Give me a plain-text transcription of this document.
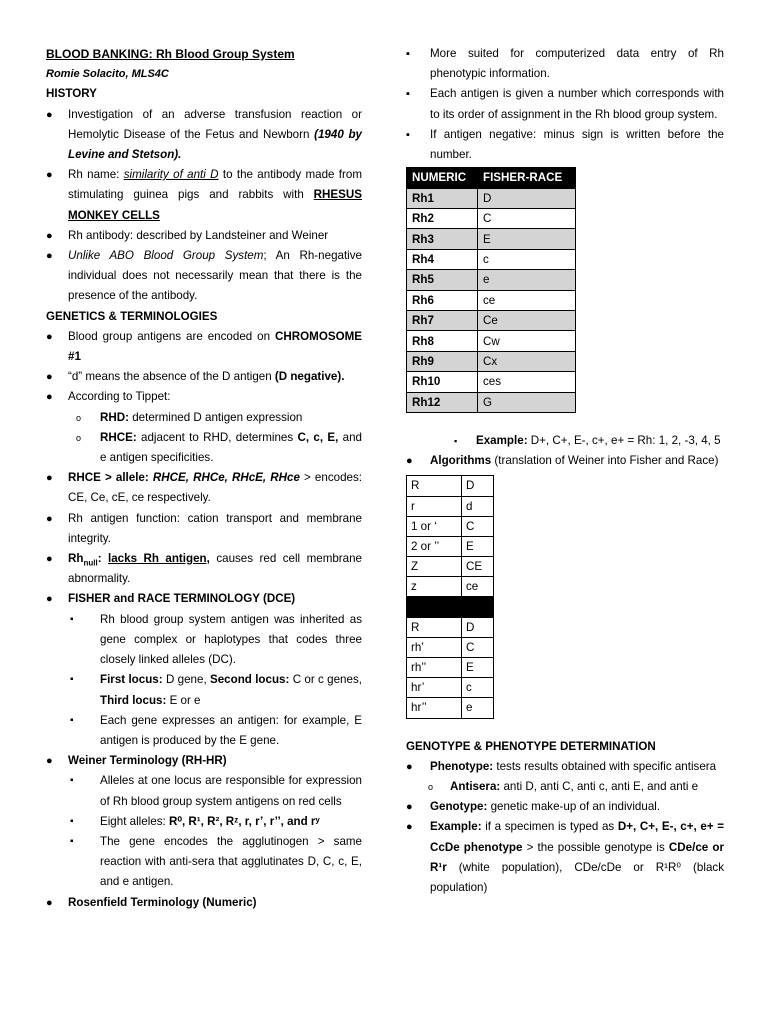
BLOOD BANKING: Rh Blood Group System
Romie Solacito, MLS4C
HISTORY
● Investigation of an adverse transfusion reaction or Hemolytic Disease of the Fetus and Newborn (1940 by Levine and Stetson).
● Rh name: similarity of anti D to the antibody made from stimulating guinea pigs and rabbits with RHESUS MONKEY CELLS
● Rh antibody: described by Landsteiner and Weiner
● Unlike ABO Blood Group System; An Rh-negative individual does not necessarily mean that there is the presence of the antibody.
GENETICS & TERMINOLOGIES
● Blood group antigens are encoded on CHROMOSOME #1
● “d” means the absence of the D antigen (D negative).
● According to Tippet:
o RHD: determined D antigen expression
o RHCE: adjacent to RHD, determines C, c, E, and e antigen specificities.
● RHCE > allele: RHCE, RHCe, RHcE, RHce > encodes: CE, Ce, cE, ce respectively.
● Rh antigen function: cation transport and membrane integrity.
● $Rh_{null}$: lacks Rh antigen, causes red cell membrane abnormality.
● FISHER and RACE TERMINOLOGY (DCE)
▪ Rh blood group system antigen was inherited as gene complex or haplotypes that codes three closely linked alleles (DC).
▪ First locus: D gene, Second locus: C or c genes, Third locus: E or e
▪ Each gene expresses an antigen: for example, E antigen is produced by the E gene.
● Weiner Terminology (RH-HR)
▪ Alleles at one locus are responsible for expression of Rh blood group system antigens on red cells
▪ Eight alleles: R⁰, R¹, R², Rᶻ, r, r’, r’’, and rʸ
▪ The gene encodes the agglutinogen > same reaction with anti-sera that agglutinates D, C, c, E, and e antigen.
● Rosenfield Terminology (Numeric)
▪ More suited for computerized data entry of Rh phenotypic information.
▪ Each antigen is given a number which corresponds with to its order of assignment in the Rh blood group system.
▪ If antigen negative: minus sign is written before the number.
NUMERIC	FISHER-RACE
Rh1	D
Rh2	C
Rh3	E
Rh4	c
Rh5	e
Rh6	ce
Rh7	Ce
Rh8	Cw
Rh9	Cx
Rh10	ces
Rh12	G
▪ Example: D+, C+, E-, c+, e+ = Rh: 1, 2, -3, 4, 5
● Algorithms (translation of Weiner into Fisher and Race)
R	D
r	d
1 or ‘	C
2 or ’’	E
Z	CE
z	ce

R	D
rh’	C
rh’’	E
hr’	c
hr’’	e
GENOTYPE & PHENOTYPE DETERMINATION
● Phenotype: tests results obtained with specific antisera
o Antisera: anti D, anti C, anti c, anti E, and anti e
● Genotype: genetic make-up of an individual.
● Example: if a specimen is typed as D+, C+, E-, c+, e+ = CcDe phenotype > the possible genotype is CDe/ce or R¹r (white population), CDe/cDe or R¹R⁰ (black population)
